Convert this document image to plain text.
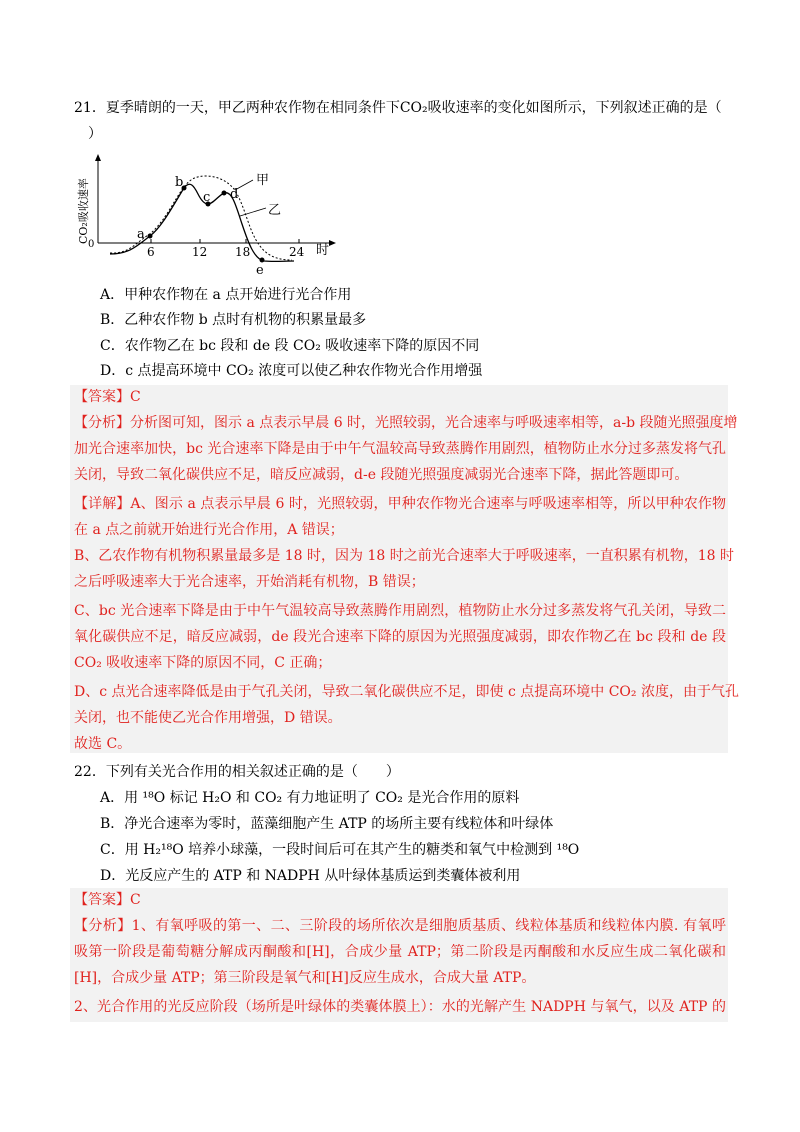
21．夏季晴朗的一天，甲乙两种农作物在相同条件下CO₂吸收速率的变化如图所示，下列叙述正确的是（
）
CO₂吸收速率
0
6	12 18	24 时
a
b
c d
e
甲
乙
A．甲种农作物在 a 点开始进行光合作用
B．乙种农作物 b 点时有机物的积累量最多
C．农作物乙在 bc 段和 de 段 CO₂ 吸收速率下降的原因不同
D．c 点提高环境中 CO₂ 浓度可以使乙种农作物光合作用增强
【答案】C
【分析】分析图可知，图示 a 点表示早晨 6 时，光照较弱，光合速率与呼吸速率相等，a-b 段随光照强度增
加光合速率加快，bc 光合速率下降是由于中午气温较高导致蒸腾作用剧烈，植物防止水分过多蒸发将气孔
关闭，导致二氧化碳供应不足，暗反应减弱，d-e 段随光照强度减弱光合速率下降，据此答题即可。
【详解】A、图示 a 点表示早晨 6 时，光照较弱，甲种农作物光合速率与呼吸速率相等，所以甲种农作物
在 a 点之前就开始进行光合作用，A 错误；
B、乙农作物有机物积累量最多是 18 时，因为 18 时之前光合速率大于呼吸速率，一直积累有机物，18 时
之后呼吸速率大于光合速率，开始消耗有机物，B 错误；
C、bc 光合速率下降是由于中午气温较高导致蒸腾作用剧烈，植物防止水分过多蒸发将气孔关闭，导致二
氧化碳供应不足，暗反应减弱，de 段光合速率下降的原因为光照强度减弱，即农作物乙在 bc 段和 de 段
CO₂ 吸收速率下降的原因不同，C 正确；
D、c 点光合速率降低是由于气孔关闭，导致二氧化碳供应不足，即使 c 点提高环境中 CO₂ 浓度，由于气孔
关闭，也不能使乙光合作用增强，D 错误。
故选 C。
22．下列有关光合作用的相关叙述正确的是（　　）
A．用 ¹⁸O 标记 H₂O 和 CO₂ 有力地证明了 CO₂ 是光合作用的原料
B．净光合速率为零时，蓝藻细胞产生 ATP 的场所主要有线粒体和叶绿体
C．用 H₂¹⁸O 培养小球藻，一段时间后可在其产生的糖类和氧气中检测到 ¹⁸O
D．光反应产生的 ATP 和 NADPH 从叶绿体基质运到类囊体被利用
【答案】C
【分析】1、有氧呼吸的第一、二、三阶段的场所依次是细胞质基质、线粒体基质和线粒体内膜. 有氧呼
吸第一阶段是葡萄糖分解成丙酮酸和[H]，合成少量 ATP；第二阶段是丙酮酸和水反应生成二氧化碳和
[H]，合成少量 ATP；第三阶段是氧气和[H]反应生成水，合成大量 ATP。
2、光合作用的光反应阶段（场所是叶绿体的类囊体膜上）：水的光解产生 NADPH 与氧气，以及 ATP 的
